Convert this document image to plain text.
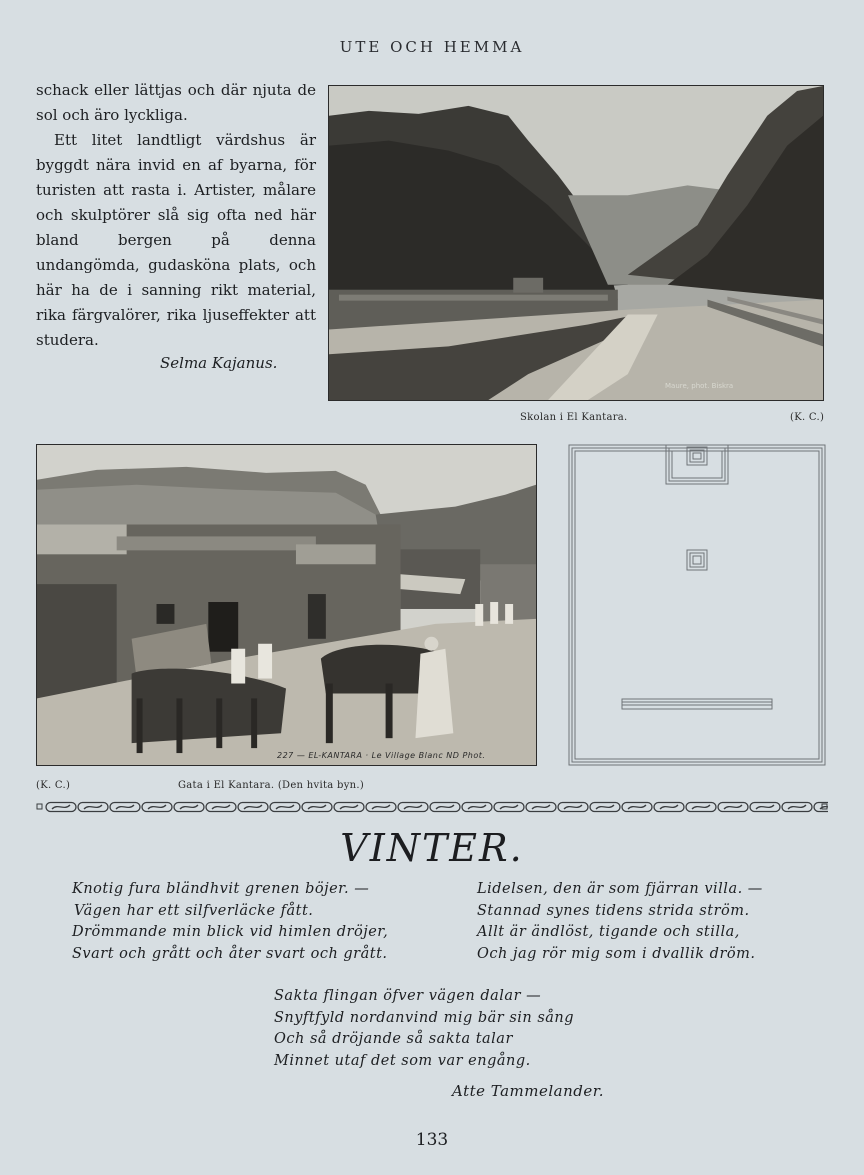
UTE OCH HEMMA

schack eller lättjas och där njuta de sol och äro lyckliga.

Ett litet landtligt värdshus är byggdt nära invid en af byarna, för turisten att rasta i. Artister, målare och skulptörer slå sig ofta ned här bland bergen på denna undangömda, gudasköna plats, och här ha de i sanning rikt material, rika färgvalörer, rika ljuseffekter att studera.

Selma Kajanus.
Maure, phot. Biskra
Skolan i El Kantara.	(K. C.)
227 — EL-KANTARA · Le Village Blanc ND Phot.
(K. C.)	Gata i El Kantara. (Den hvita byn.)
VINTER.
Knotig fura bländhvit grenen böjer. —
Vägen har ett silfverläcke fått.
Drömmande min blick vid himlen dröjer,
Svart och grått och åter svart och grått.
Lidelsen, den är som fjärran villa. —
Stannad synes tidens strida ström.
Allt är ändlöst, tigande och stilla,
Och jag rör mig som i dvallik dröm.
Sakta flingan öfver vägen dalar —
Snyftfyld nordanvind mig bär sin sång
Och så dröjande så sakta talar
Minnet utaf det som var engång.
Atte Tammelander.
133
